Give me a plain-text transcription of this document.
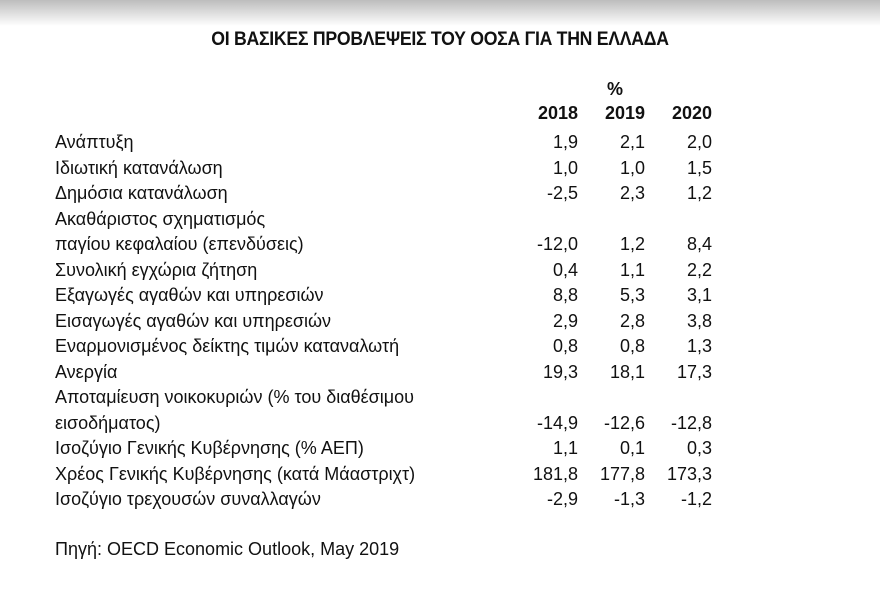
ΟΙ ΒΑΣΙΚΕΣ ΠΡΟΒΛΕΨΕΙΣ ΤΟΥ ΟΟΣΑ ΓΙΑ ΤΗΝ ΕΛΛΑΔΑ
%
2018	2019	2020
Ανάπτυξη	1,9	2,1	2,0
Ιδιωτική κατανάλωση	1,0	1,0	1,5
Δημόσια κατανάλωση	-2,5	2,3	1,2
Ακαθάριστος σχηματισμός
παγίου κεφαλαίου (επενδύσεις)	-12,0	1,2	8,4
Συνολική εγχώρια ζήτηση	0,4	1,1	2,2
Εξαγωγές αγαθών και υπηρεσιών	8,8	5,3	3,1
Εισαγωγές αγαθών και υπηρεσιών	2,9	2,8	3,8
Εναρμονισμένος δείκτης τιμών καταναλωτή	0,8	0,8	1,3
Ανεργία	19,3	18,1	17,3
Αποταμίευση νοικοκυριών (% του διαθέσιμου
εισοδήματος)	-14,9	-12,6	-12,8
Ισοζύγιο Γενικής Κυβέρνησης (% ΑΕΠ)	1,1	0,1	0,3
Χρέος Γενικής Κυβέρνησης (κατά Μάαστριχτ)	181,8	177,8	173,3
Ισοζύγιο τρεχουσών συναλλαγών	-2,9	-1,3	-1,2
Πηγή: OECD Economic Outlook, May 2019
